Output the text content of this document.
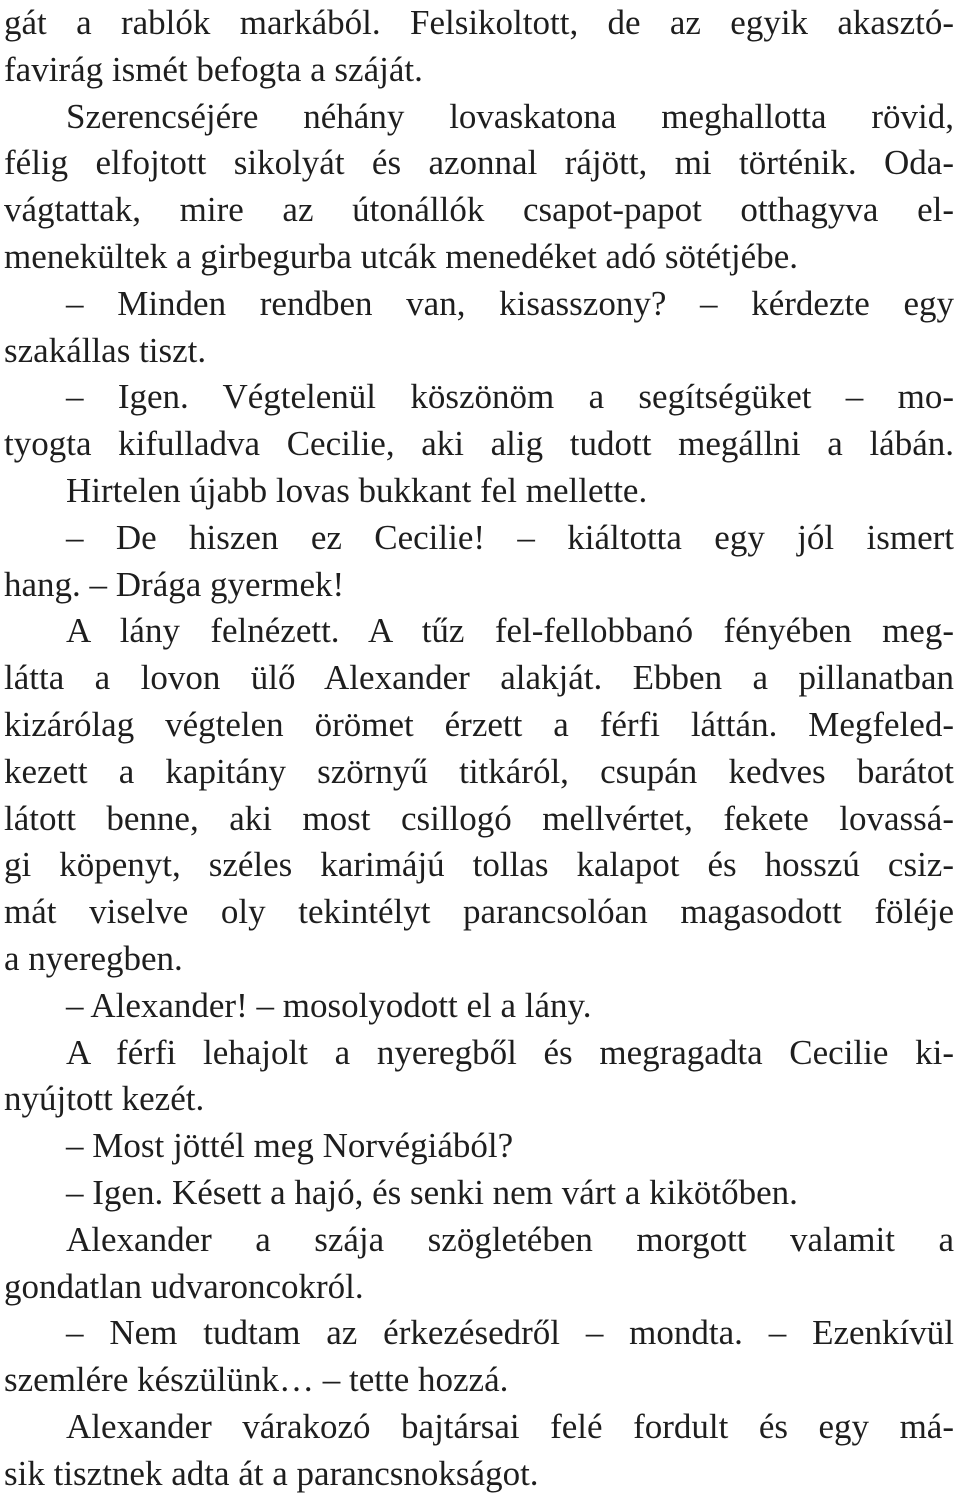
gát a rablók markából. Felsikoltott, de az egyik akasztó-
favirág ismét befogta a száját.
Szerencséjére néhány lovaskatona meghallotta rövid,
félig elfojtott sikolyát és azonnal rájött, mi történik. Oda-
vágtattak, mire az útonállók csapot-papot otthagyva el-
menekültek a girbegurba utcák menedéket adó sötétjébe.
– Minden rendben van, kisasszony? – kérdezte egy
szakállas tiszt.
– Igen. Végtelenül köszönöm a segítségüket – mo-
tyogta kifulladva Cecilie, aki alig tudott megállni a lábán.
Hirtelen újabb lovas bukkant fel mellette.
– De hiszen ez Cecilie! – kiáltotta egy jól ismert
hang. – Drága gyermek!
A lány felnézett. A tűz fel-fellobbanó fényében meg-
látta a lovon ülő Alexander alakját. Ebben a pillanatban
kizárólag végtelen örömet érzett a férfi láttán. Megfeled-
kezett a kapitány szörnyű titkáról, csupán kedves barátot
látott benne, aki most csillogó mellvértet, fekete lovassá-
gi köpenyt, széles karimájú tollas kalapot és hosszú csiz-
mát viselve oly tekintélyt parancsolóan magasodott föléje
a nyeregben.
– Alexander! – mosolyodott el a lány.
A férfi lehajolt a nyeregből és megragadta Cecilie ki-
nyújtott kezét.
– Most jöttél meg Norvégiából?
– Igen. Késett a hajó, és senki nem várt a kikötőben.
Alexander a szája szögletében morgott valamit a
gondatlan udvaroncokról.
– Nem tudtam az érkezésedről – mondta. – Ezenkívül
szemlére készülünk… – tette hozzá.
Alexander várakozó bajtársai felé fordult és egy má-
sik tisztnek adta át a parancsnokságot.
